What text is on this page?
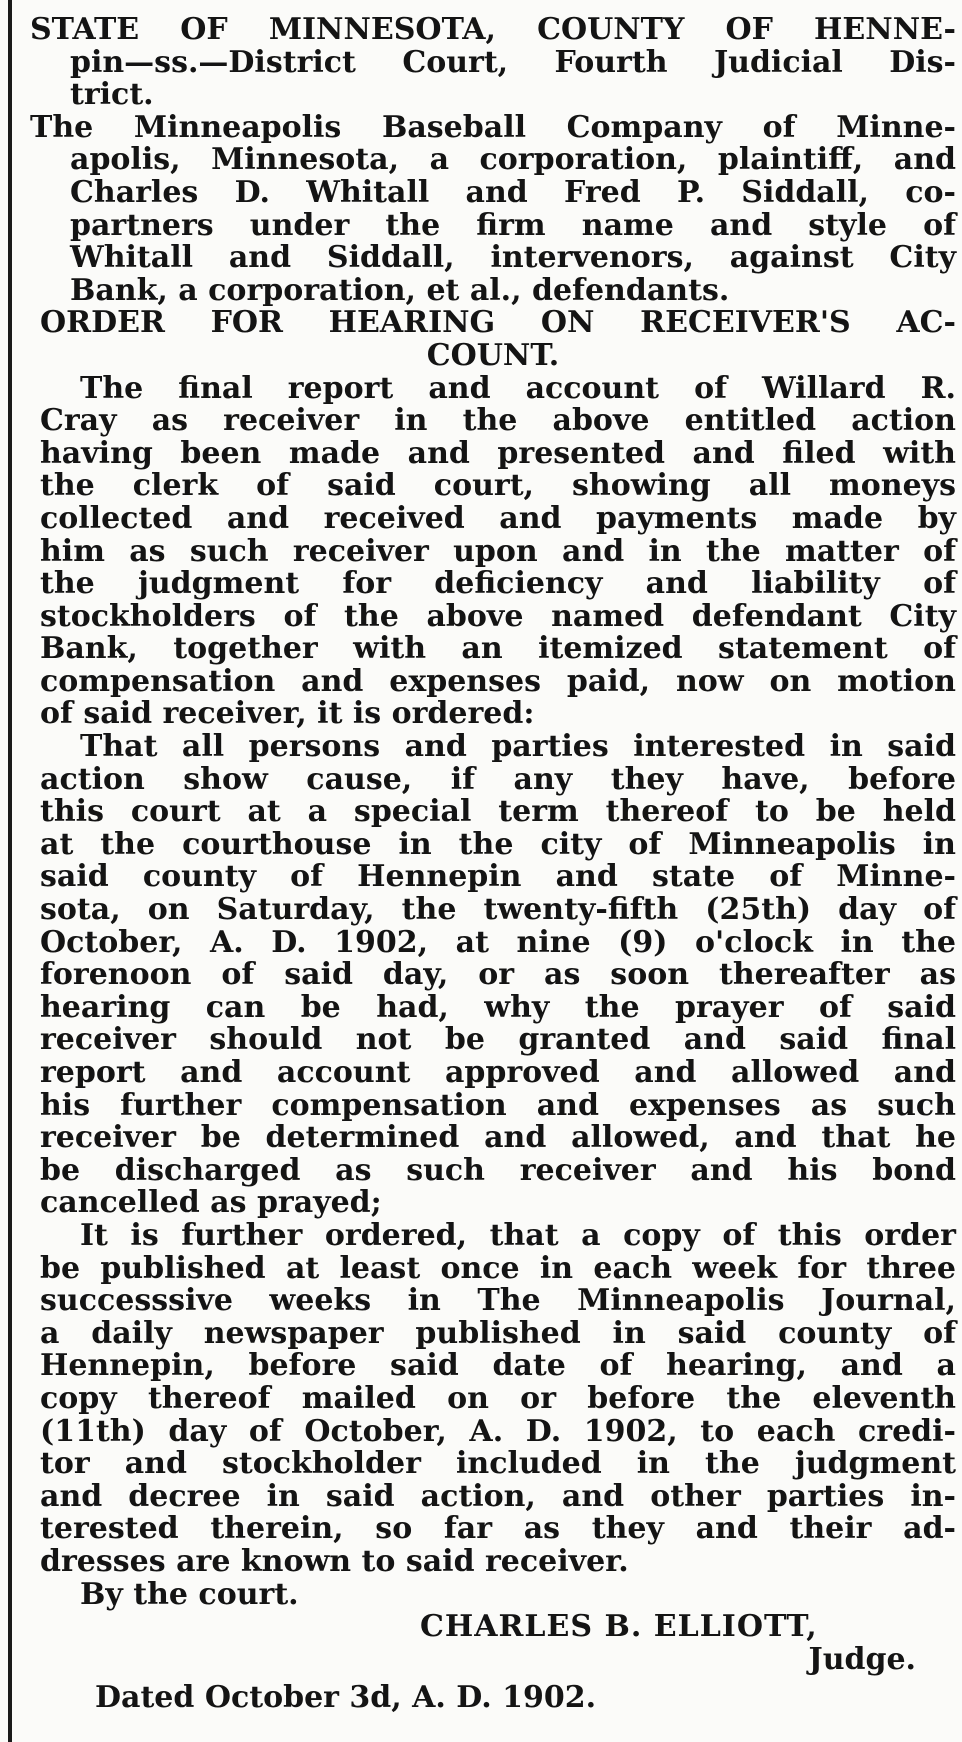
STATE OF MINNESOTA, COUNTY OF HENNE-
pin—ss.—District Court, Fourth Judicial Dis-
trict.
The Minneapolis Baseball Company of Minne-
apolis, Minnesota, a corporation, plaintiff, and
Charles D. Whitall and Fred P. Siddall, co-
partners under the firm name and style of
Whitall and Siddall, intervenors, against City
Bank, a corporation, et al., defendants.
ORDER FOR HEARING ON RECEIVER'S AC-
COUNT.
The final report and account of Willard R.
Cray as receiver in the above entitled action
having been made and presented and filed with
the clerk of said court, showing all moneys
collected and received and payments made by
him as such receiver upon and in the matter of
the judgment for deficiency and liability of
stockholders of the above named defendant City
Bank, together with an itemized statement of
compensation and expenses paid, now on motion
of said receiver, it is ordered:
That all persons and parties interested in said
action show cause, if any they have, before
this court at a special term thereof to be held
at the courthouse in the city of Minneapolis in
said county of Hennepin and state of Minne-
sota, on Saturday, the twenty-fifth (25th) day of
October, A. D. 1902, at nine (9) o'clock in the
forenoon of said day, or as soon thereafter as
hearing can be had, why the prayer of said
receiver should not be granted and said final
report and account approved and allowed and
his further compensation and expenses as such
receiver be determined and allowed, and that he
be discharged as such receiver and his bond
cancelled as prayed;
It is further ordered, that a copy of this order
be published at least once in each week for three
successsive weeks in The Minneapolis Journal,
a daily newspaper published in said county of
Hennepin, before said date of hearing, and a
copy thereof mailed on or before the eleventh
(11th) day of October, A. D. 1902, to each credi-
tor and stockholder included in the judgment
and decree in said action, and other parties in-
terested therein, so far as they and their ad-
dresses are known to said receiver.
By the court.
CHARLES B. ELLIOTT,
Judge.
Dated October 3d, A. D. 1902.
